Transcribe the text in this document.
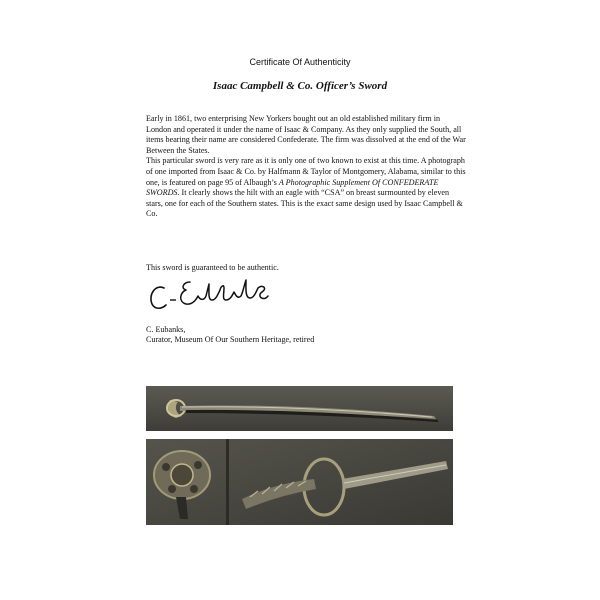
Certificate Of Authenticity
Isaac Campbell & Co. Officer’s Sword

Early in 1861, two enterprising New Yorkers bought out an old established military firm in London and operated it under the name of Isaac & Company. As they only supplied the South, all items bearing their name are considered Confederate. The firm was dissolved at the end of the War Between the States.

This particular sword is very rare as it is only one of two known to exist at this time. A photograph of one imported from Isaac & Co. by Halfmann & Taylor of Montgomery, Alabama, similar to this one, is featured on page 95 of Albaugh’s A Photographic Supplement Of CONFEDERATE SWORDS. It clearly shows the hilt with an eagle with “CSA” on breast surmounted by eleven stars, one for each of the Southern states. This is the exact same design used by Isaac Campbell & Co.

This sword is guaranteed to be authentic.
C. Eubanks,
Curator, Museum Of Our Southern Heritage, retired
